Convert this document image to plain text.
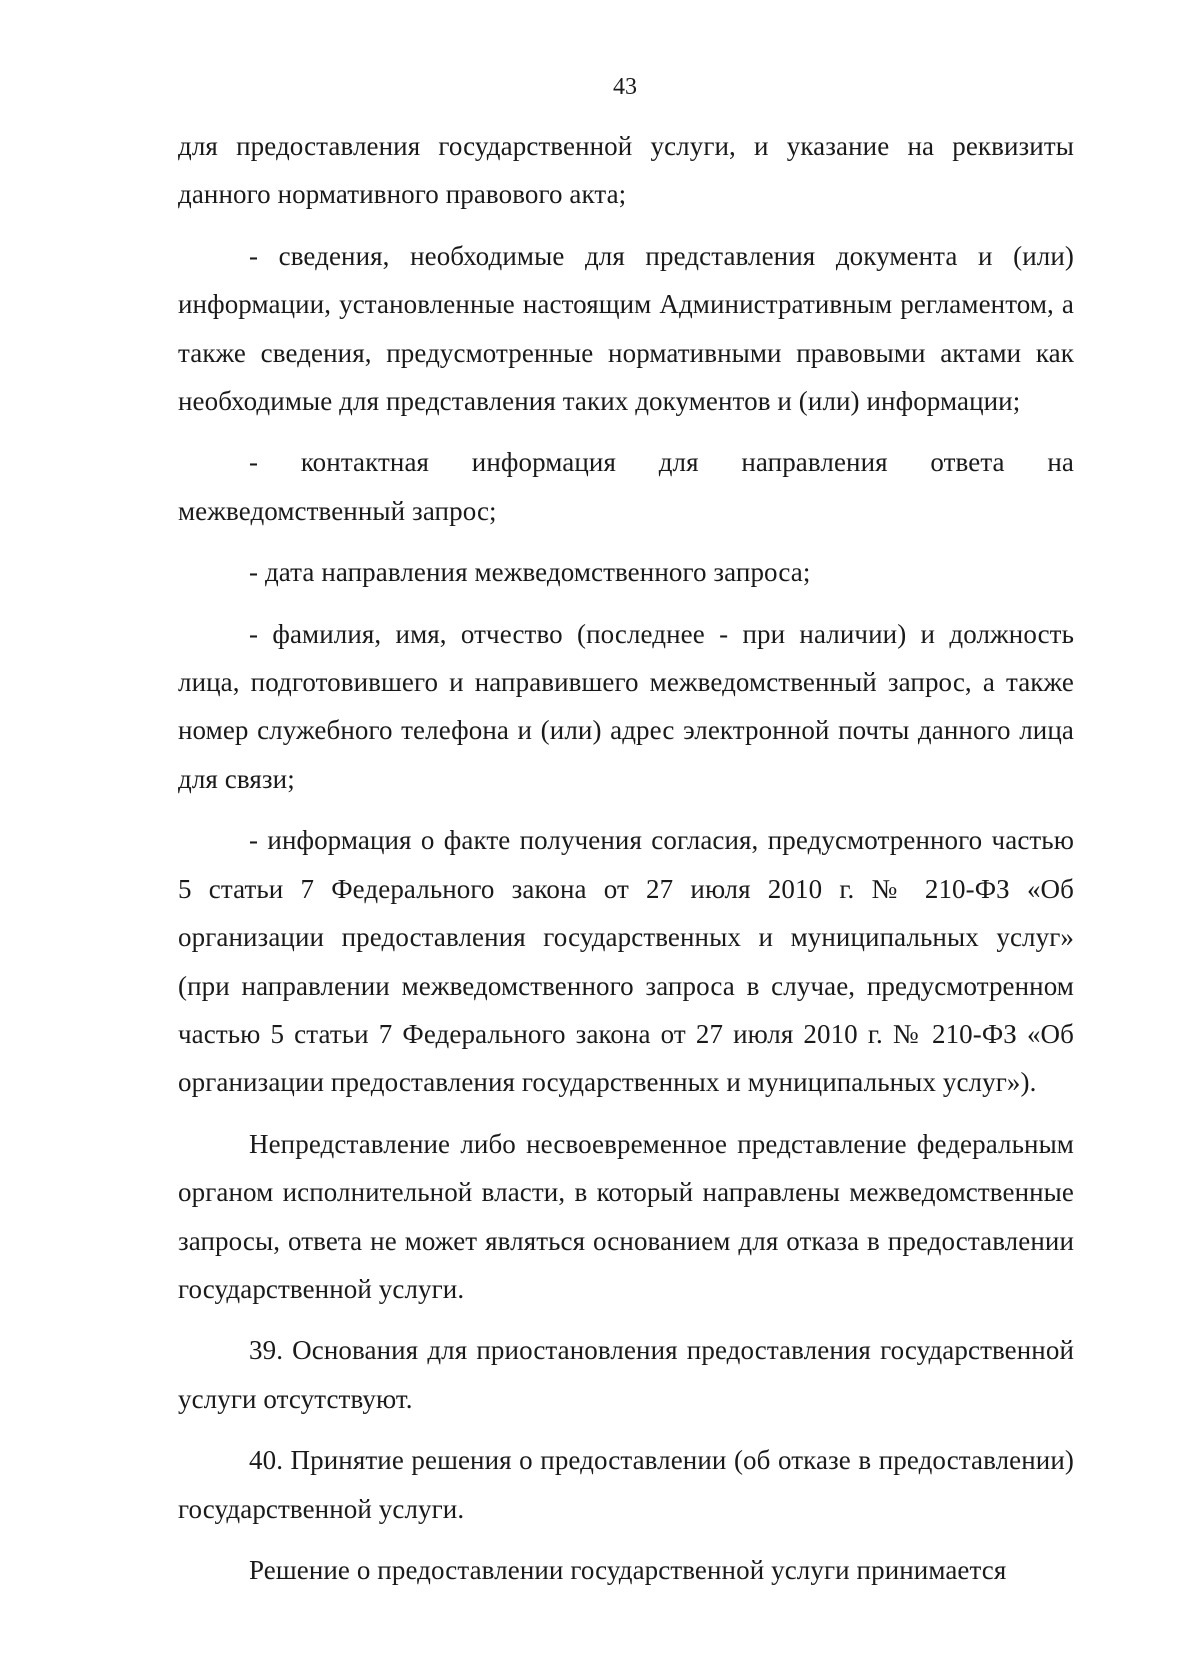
43

для предоставления государственной услуги, и указание на реквизиты данного нормативного правового акта;

- сведения, необходимые для представления документа и (или) информации, установленные настоящим Административным регламентом, а также сведения, предусмотренные нормативными правовыми актами как необходимые для представления таких документов и (или) информации;

- контактная информация для направления ответа на межведомственный запрос;

- дата направления межведомственного запроса;

- фамилия, имя, отчество (последнее - при наличии) и должность лица, подготовившего и направившего межведомственный запрос, а также номер служебного телефона и (или) адрес электронной почты данного лица для связи;

- информация о факте получения согласия, предусмотренного частью 5 статьи 7 Федерального закона от 27 июля 2010 г. № 210-ФЗ «Об организации предоставления государственных и муниципальных услуг» (при направлении межведомственного запроса в случае, предусмотренном частью 5 статьи 7 Федерального закона от 27 июля 2010 г. № 210-ФЗ «Об организации предоставления государственных и муниципальных услуг»).

Непредставление либо несвоевременное представление федеральным органом исполнительной власти, в который направлены межведомственные запросы, ответа не может являться основанием для отказа в предоставлении государственной услуги.

39. Основания для приостановления предоставления государственной услуги отсутствуют.

40. Принятие решения о предоставлении (об отказе в предоставлении) государственной услуги.

Решение о предоставлении государственной услуги принимается
